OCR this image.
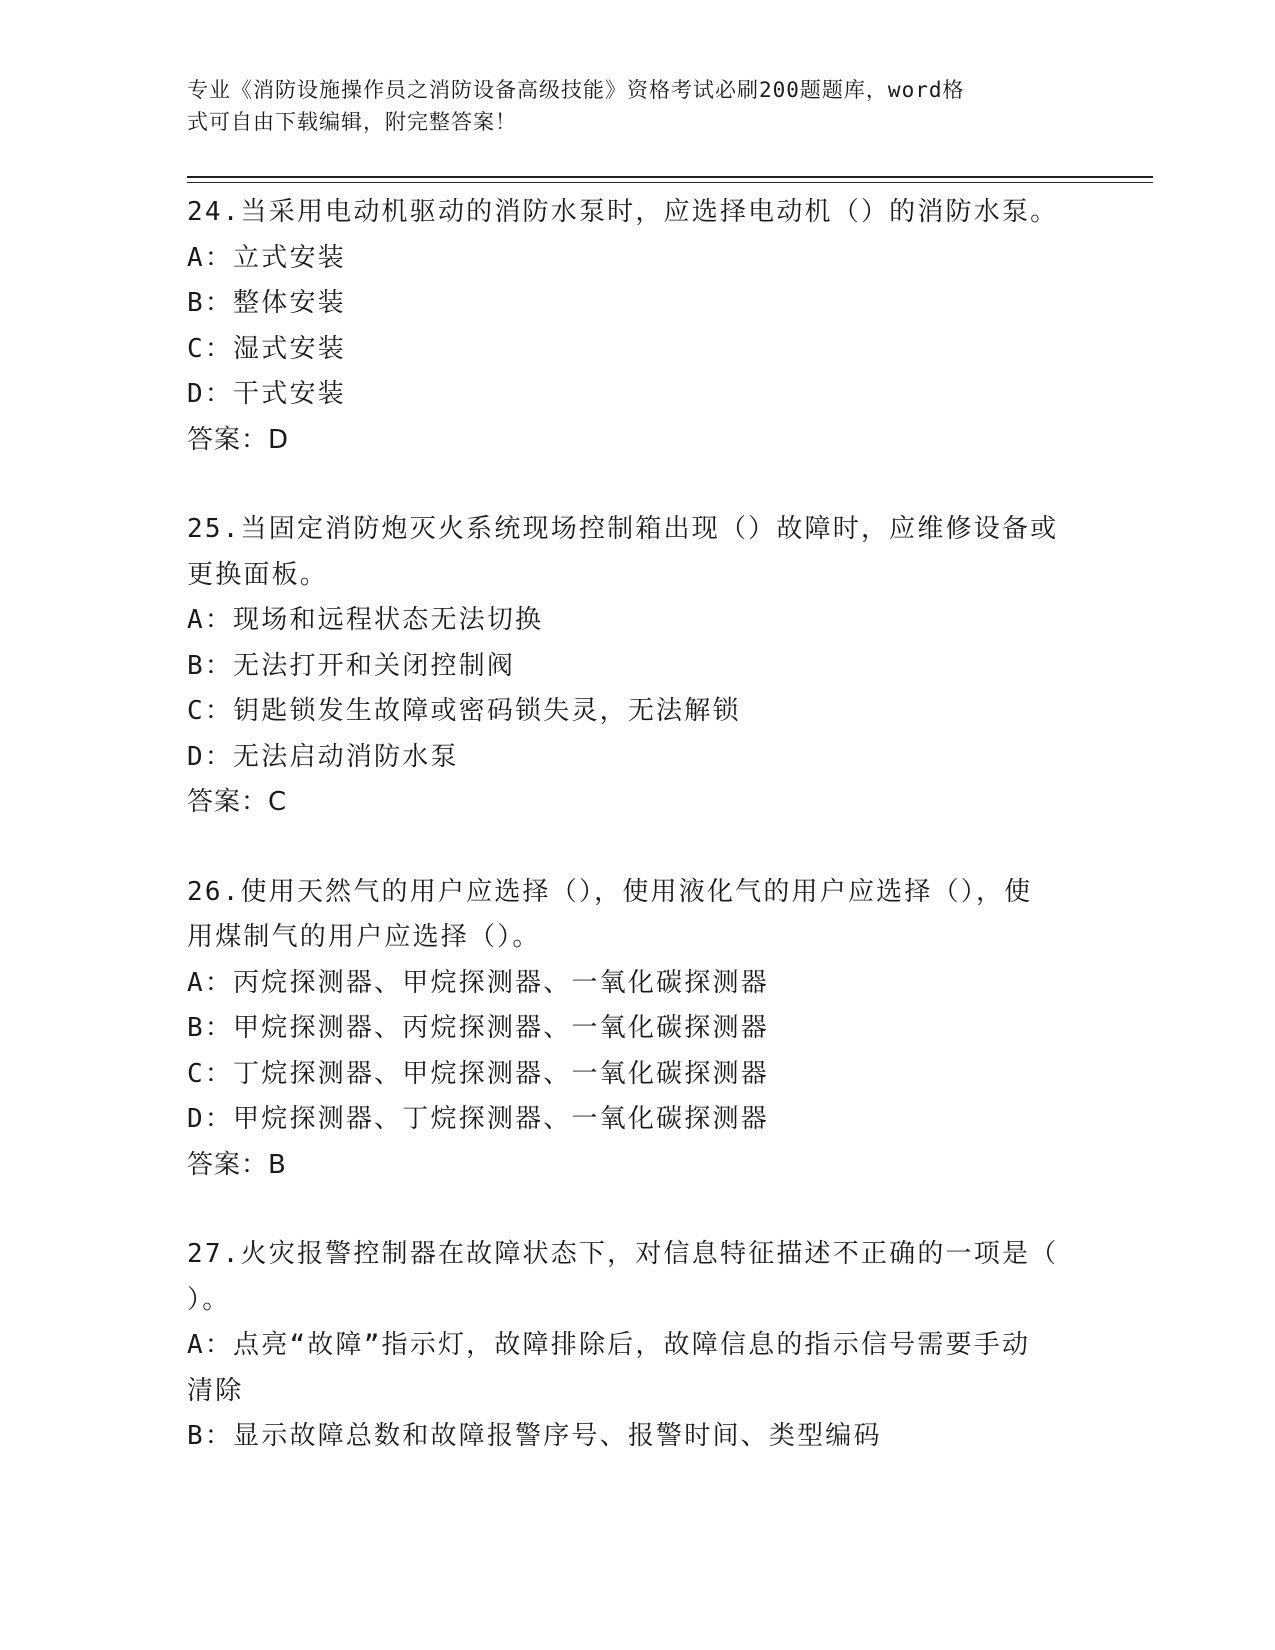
专业《消防设施操作员之消防设备高级技能》资格考试必刷200题题库，word格
式可自由下载编辑，附完整答案！
24.当采用电动机驱动的消防水泵时，应选择电动机（）的消防水泵。
A：立式安装
B：整体安装
C：湿式安装
D：干式安装
答案：D
25.当固定消防炮灭火系统现场控制箱出现（）故障时，应维修设备或
更换面板。
A：现场和远程状态无法切换
B：无法打开和关闭控制阀
C：钥匙锁发生故障或密码锁失灵，无法解锁
D：无法启动消防水泵
答案：C
26.使用天然气的用户应选择（），使用液化气的用户应选择（），使
用煤制气的用户应选择（）。
A：丙烷探测器、甲烷探测器、一氧化碳探测器
B：甲烷探测器、丙烷探测器、一氧化碳探测器
C：丁烷探测器、甲烷探测器、一氧化碳探测器
D：甲烷探测器、丁烷探测器、一氧化碳探测器
答案：B
27.火灾报警控制器在故障状态下，对信息特征描述不正确的一项是（
）。
A：点亮“故障”指示灯，故障排除后，故障信息的指示信号需要手动
清除
B：显示故障总数和故障报警序号、报警时间、类型编码
